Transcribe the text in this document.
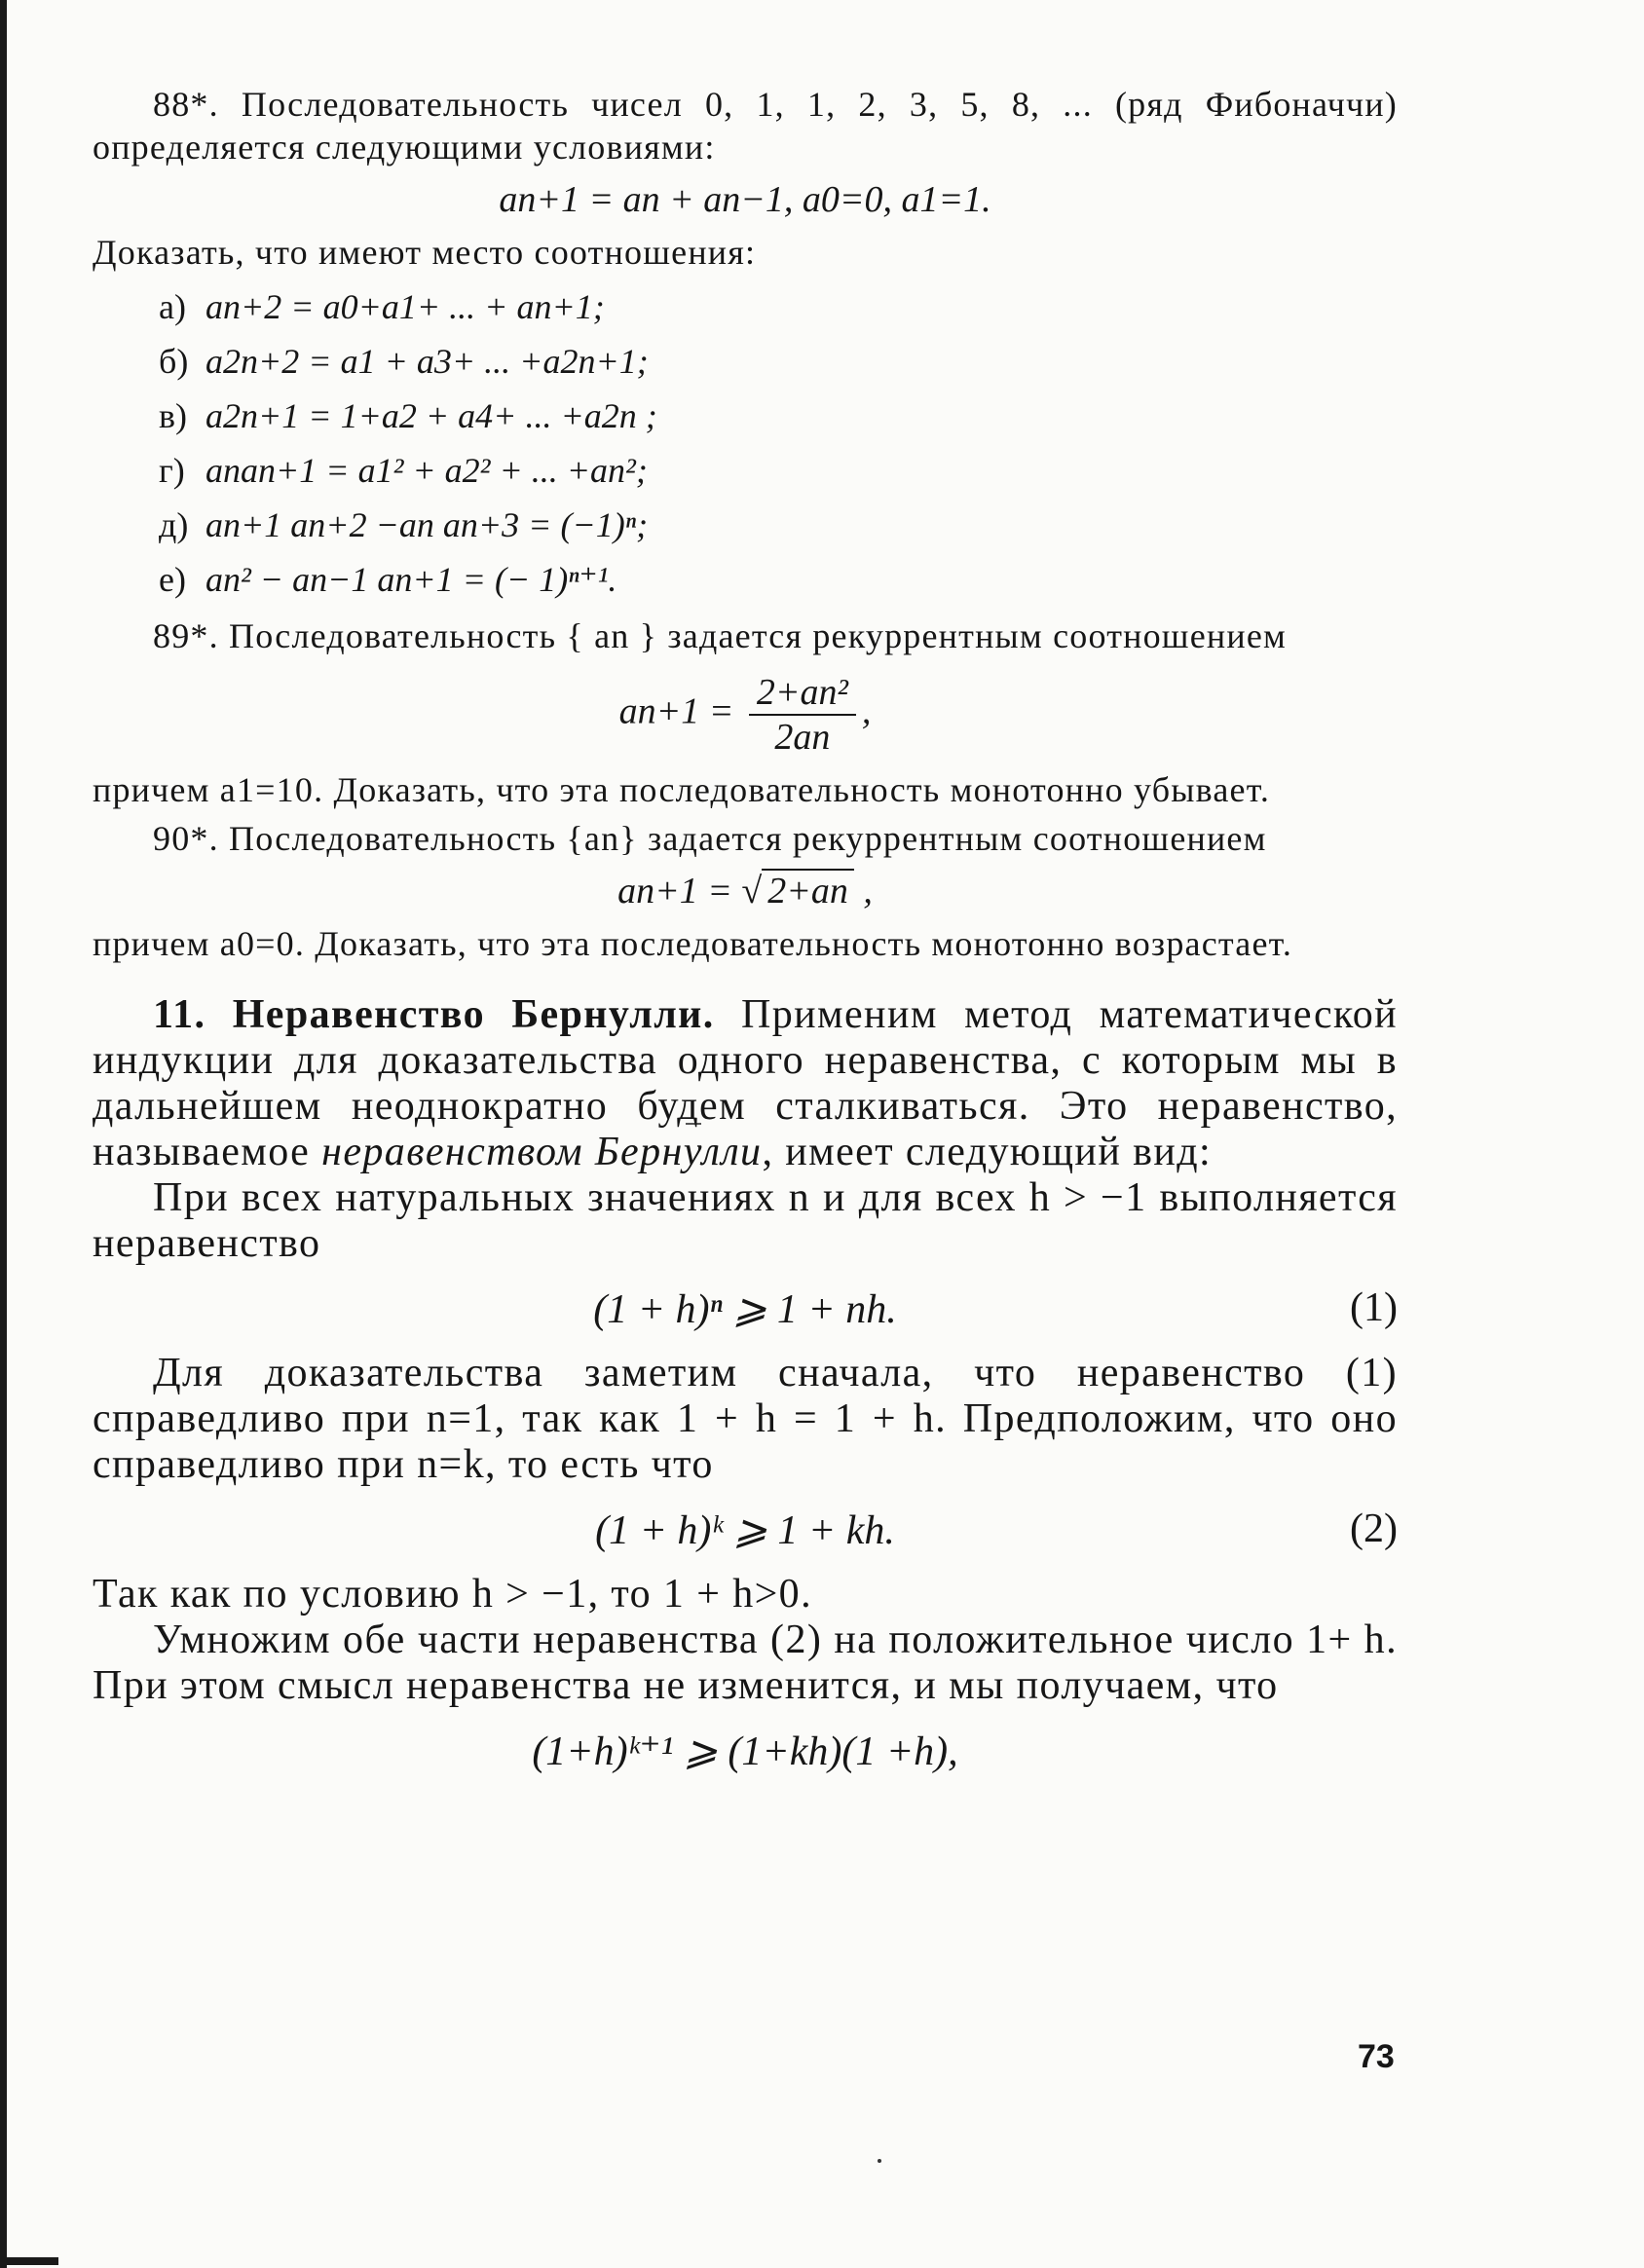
88*. Последовательность чисел 0, 1, 1, 2, 3, 5, 8, ... (ряд Фибоначчи) определяется следующими условиями:

an+1 = an + an−1, a0=0, a1=1.

Доказать, что имеют место соотношения:

а) an+2 = a0+a1+ ... + an+1;
б) a2n+2 = a1 + a3+ ... +a2n+1;
в) a2n+1 = 1+a2 + a4+ ... +a2n ;
г) anan+1 = a1² + a2² + ... +an²;
д) an+1 an+2 −an an+3 = (−1)ⁿ;
е) an² − an−1 an+1 = (− 1)ⁿ⁺¹.

89*. Последовательность { an } задается рекуррентным соотношением

$an+1 = \frac{\text{2+an²}}{2an}$ ,

причем a1=10. Доказать, что эта последовательность монотонно убывает.

90*. Последовательность {an} задается рекуррентным соотношением

an+1 = √ 2+an ,

причем a0=0. Доказать, что эта последовательность монотонно возрастает.

11. Неравенство Бернулли. Применим метод математической индукции для доказательства одного неравенства, с которым мы в дальнейшем неоднократно будем сталкиваться. Это неравенство, называемое неравенством Бернулли, имеет следующий вид:

При всех натуральных значениях n и для всех h > −1 выполняется неравенство

(1 + h)ⁿ ⩾ 1 + nh.	(1)

Для доказательства заметим сначала, что неравенство (1) справедливо при n=1, так как 1 + h = 1 + h. Предположим, что оно справедливо при n=k, то есть что

(1 + h)ᵏ ⩾ 1 + kh.	(2)

Так как по условию h > −1, то 1 + h>0.

Умножим обе части неравенства (2) на положительное число 1+ h. При этом смысл неравенства не изменится, и мы получаем, что

(1+h)ᵏ⁺¹ ⩾ (1+kh)(1 +h),
73
